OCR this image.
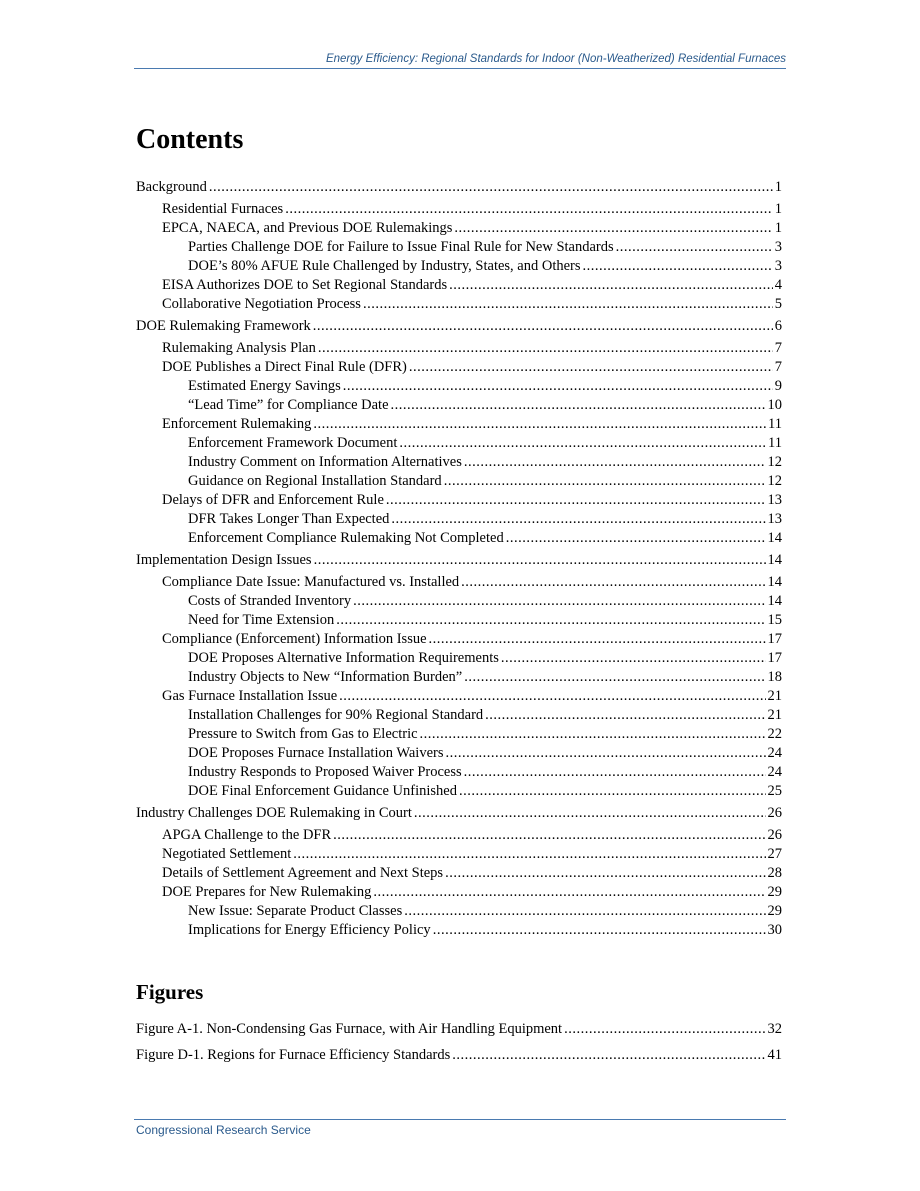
Energy Efficiency: Regional Standards for Indoor (Non-Weatherized) Residential Furnaces
Contents
Background .....	1
Residential Furnaces .....	1
EPCA, NAECA, and Previous DOE Rulemakings .....	1
Parties Challenge DOE for Failure to Issue Final Rule for New Standards .....	3
DOE’s 80% AFUE Rule Challenged by Industry, States, and Others .....	3
EISA Authorizes DOE to Set Regional Standards .....	4
Collaborative Negotiation Process .....	5
DOE Rulemaking Framework .....	6
Rulemaking Analysis Plan .....	7
DOE Publishes a Direct Final Rule (DFR) .....	7
Estimated Energy Savings .....	9
“Lead Time” for Compliance Date .....	10
Enforcement Rulemaking .....	11
Enforcement Framework Document .....	11
Industry Comment on Information Alternatives .....	12
Guidance on Regional Installation Standard .....	12
Delays of DFR and Enforcement Rule .....	13
DFR Takes Longer Than Expected .....	13
Enforcement Compliance Rulemaking Not Completed .....	14
Implementation Design Issues .....	14
Compliance Date Issue: Manufactured vs. Installed .....	14
Costs of Stranded Inventory .....	14
Need for Time Extension .....	15
Compliance (Enforcement) Information Issue .....	17
DOE Proposes Alternative Information Requirements .....	17
Industry Objects to New “Information Burden” .....	18
Gas Furnace Installation Issue .....	21
Installation Challenges for 90% Regional Standard .....	21
Pressure to Switch from Gas to Electric .....	22
DOE Proposes Furnace Installation Waivers .....	24
Industry Responds to Proposed Waiver Process .....	24
DOE Final Enforcement Guidance Unfinished .....	25
Industry Challenges DOE Rulemaking in Court .....	26
APGA Challenge to the DFR .....	26
Negotiated Settlement .....	27
Details of Settlement Agreement and Next Steps .....	28
DOE Prepares for New Rulemaking .....	29
New Issue: Separate Product Classes .....	29
Implications for Energy Efficiency Policy .....	30
Figures
Figure A-1. Non-Condensing Gas Furnace, with Air Handling Equipment .....	32
Figure D-1. Regions for Furnace Efficiency Standards .....	41
Congressional Research Service
